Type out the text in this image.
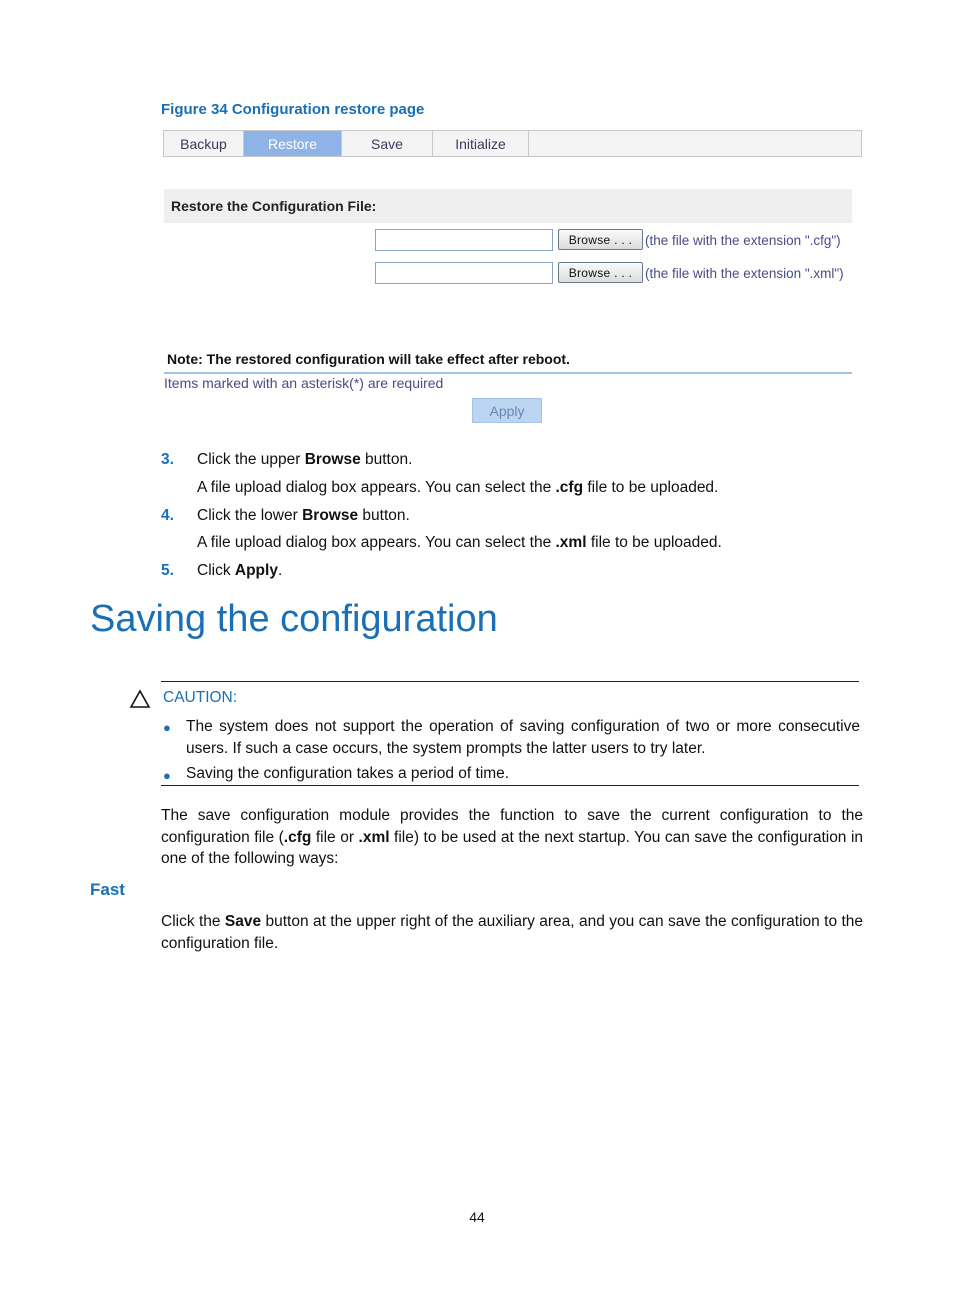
Figure 34 Configuration restore page
Backup	Restore	Save	Initialize
Restore the Configuration File:
Browse . . . (the file with the extension ".cfg")
Browse . . . (the file with the extension ".xml")
Note: The restored configuration will take effect after reboot.
Items marked with an asterisk(*) are required
Apply
3. Click the upper Browse button.
A file upload dialog box appears. You can select the .cfg file to be uploaded.
4. Click the lower Browse button.
A file upload dialog box appears. You can select the .xml file to be uploaded.
5. Click Apply.
Saving the configuration
CAUTION:
● The system does not support the operation of saving configuration of two or more consecutive users. If such a case occurs, the system prompts the latter users to try later.
● Saving the configuration takes a period of time.
The save configuration module provides the function to save the current configuration to the configuration file (.cfg file or .xml file) to be used at the next startup. You can save the configuration in one of the following ways:
Fast
Click the Save button at the upper right of the auxiliary area, and you can save the configuration to the configuration file.
44
